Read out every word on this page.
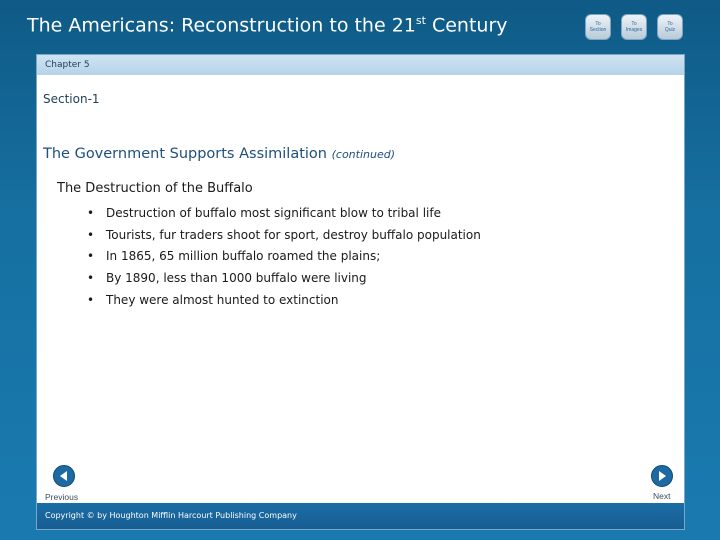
The Americans: Reconstruction to the 21st Century	To
Section
To
Images
To
Quiz
Chapter 5
Section-1
The Government Supports Assimilation (continued)
The Destruction of the Buffalo
• Destruction of buffalo most significant blow to tribal life
• Tourists, fur traders shoot for sport, destroy buffalo population
• In 1865, 65 million buffalo roamed the plains;
• By 1890, less than 1000 buffalo were living
• They were almost hunted to extinction
Previous	Next
Copyright © by Houghton Mifflin Harcourt Publishing Company
